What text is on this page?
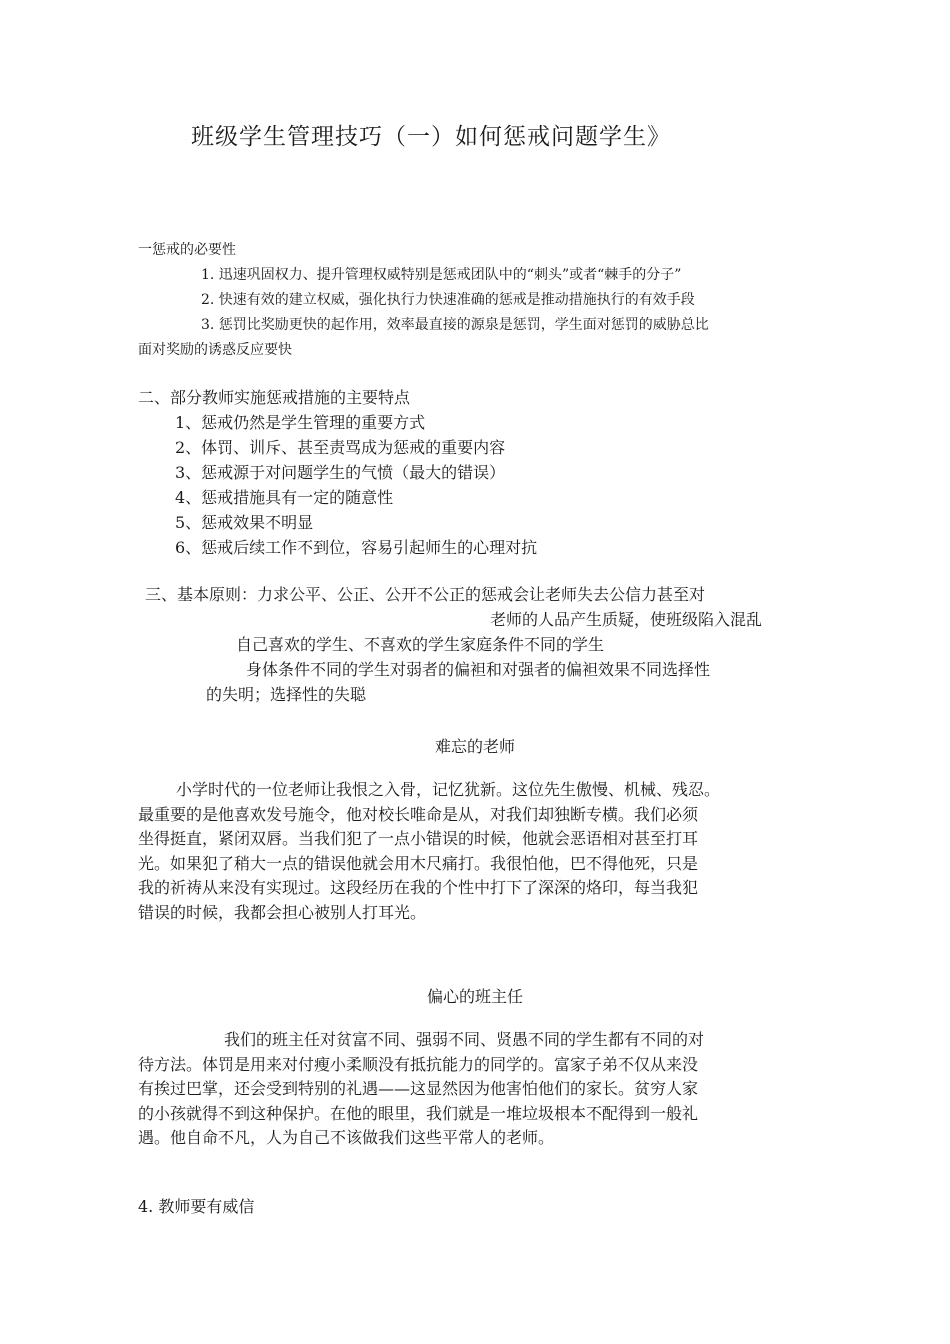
班级学生管理技巧（一）如何惩戒问题学生》
一惩戒的必要性
1. 迅速巩固权力、提升管理权威特别是惩戒团队中的“刺头”或者“棘手的分子”
2. 快速有效的建立权威，强化执行力快速准确的惩戒是推动措施执行的有效手段
3. 惩罚比奖励更快的起作用，效率最直接的源泉是惩罚，学生面对惩罚的威胁总比
面对奖励的诱惑反应要快
二、部分教师实施惩戒措施的主要特点
1、惩戒仍然是学生管理的重要方式
2、体罚、训斥、甚至责骂成为惩戒的重要内容
3、惩戒源于对问题学生的气愤（最大的错误）
4、惩戒措施具有一定的随意性
5、惩戒效果不明显
6、惩戒后续工作不到位，容易引起师生的心理对抗
三、基本原则：力求公平、公正、公开不公正的惩戒会让老师失去公信力甚至对
老师的人品产生质疑，使班级陷入混乱
自己喜欢的学生、不喜欢的学生家庭条件不同的学生
身体条件不同的学生对弱者的偏袒和对强者的偏袒效果不同选择性
的失明；选择性的失聪
难忘的老师
小学时代的一位老师让我恨之入骨，记忆犹新。这位先生傲慢、机械、残忍。
最重要的是他喜欢发号施令，他对校长唯命是从，对我们却独断专横。我们必须
坐得挺直，紧闭双唇。当我们犯了一点小错误的时候，他就会恶语相对甚至打耳
光。如果犯了稍大一点的错误他就会用木尺痛打。我很怕他，巴不得他死，只是
我的祈祷从来没有实现过。这段经历在我的个性中打下了深深的烙印，每当我犯
错误的时候，我都会担心被别人打耳光。
偏心的班主任
我们的班主任对贫富不同、强弱不同、贤愚不同的学生都有不同的对
待方法。体罚是用来对付瘦小柔顺没有抵抗能力的同学的。富家子弟不仅从来没
有挨过巴掌，还会受到特别的礼遇——这显然因为他害怕他们的家长。贫穷人家
的小孩就得不到这种保护。在他的眼里，我们就是一堆垃圾根本不配得到一般礼
遇。他自命不凡，人为自己不该做我们这些平常人的老师。
4. 教师要有威信
